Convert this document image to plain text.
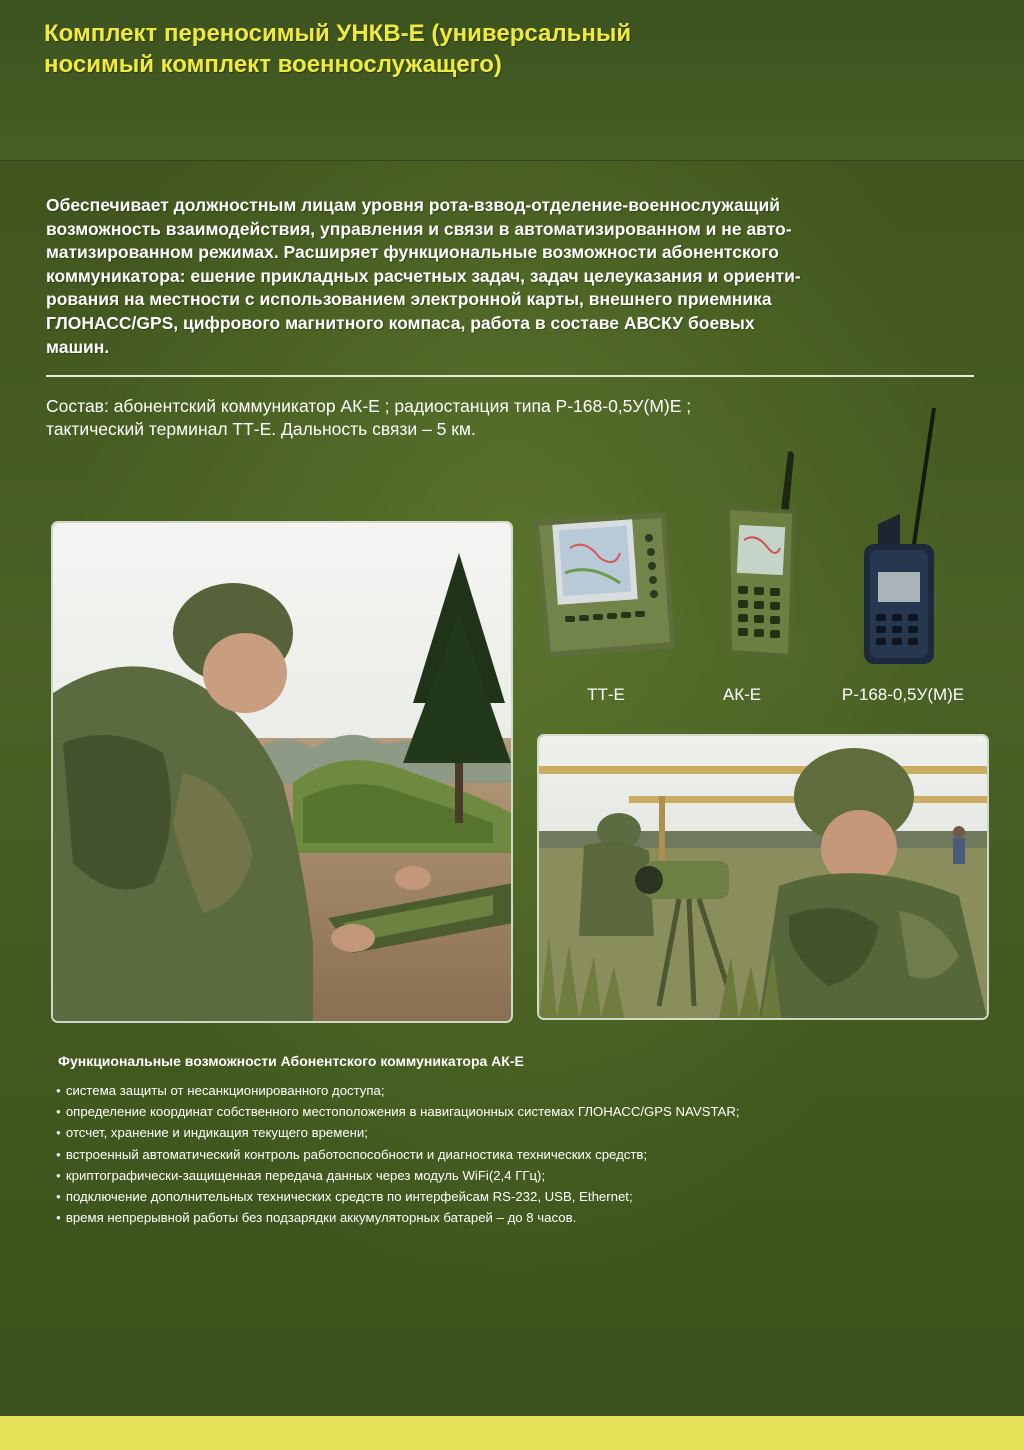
Комплект переносимый УНКВ-Е (универсальный
носимый комплект военнослужащего)
Обеспечивает должностным лицам уровня рота-взвод-отделение-военнослужащий
возможность взаимодействия, управления и связи в автоматизированном и не авто-
матизированном режимах. Расширяет функциональные возможности абонентского
коммуникатора: ешение прикладных расчетных задач, задач целеуказания и ориенти-
рования на местности с использованием электронной карты, внешнего приемника
ГЛОНАСС/GPS, цифрового магнитного компаса, работа в составе АВСКУ боевых
машин.
Состав: абонентский коммуникатор АК-Е ; радиостанция типа Р-168-0,5У(М)Е ;
тактический терминал ТТ-Е. Дальность связи – 5 км.
ТТ-Е	АК-Е	Р-168-0,5У(М)Е
Функциональные возможности Абонентского коммуникатора АК-Е
● система защиты от несанкционированного доступа;
● определение координат собственного местоположения в навигационных системах ГЛОНАСС/GPS NAVSTAR;
● отсчет, хранение и индикация текущего времени;
● встроенный автоматический контроль работоспособности и диагностика технических средств;
● криптографически-защищенная передача данных через модуль WiFi(2,4 ГГц);
● подключение дополнительных технических средств по интерфейсам RS-232, USB, Ethernet;
● время непрерывной работы без подзарядки аккумуляторных батарей – до 8 часов.
